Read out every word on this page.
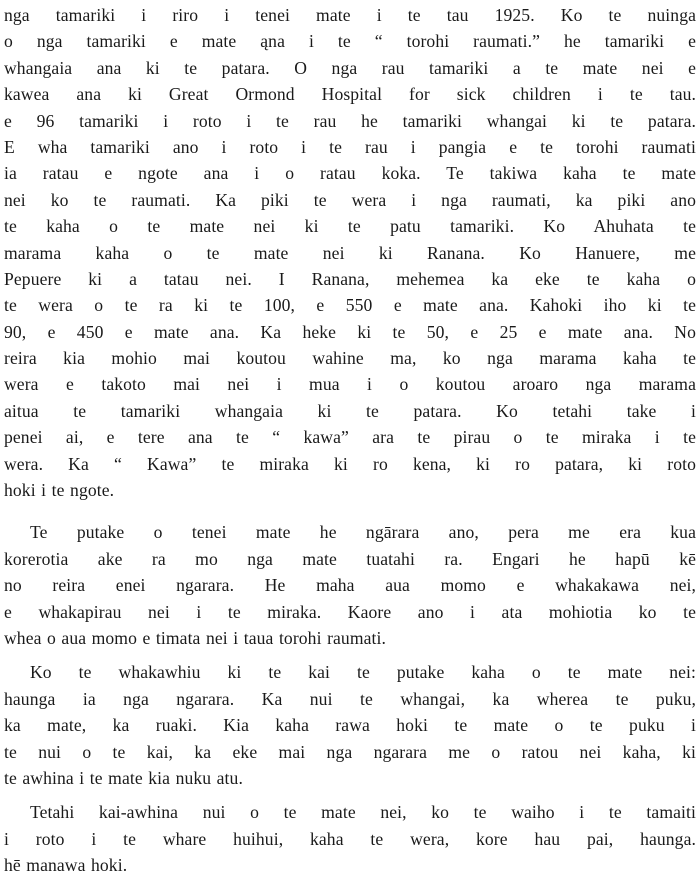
nga tamariki i riro i tenei mate i te tau 1925. Ko te nuinga
o nga tamariki e mate ąna i te “ torohi raumati.” he tamariki e
whangaia ana ki te patara. O nga rau tamariki a te mate nei e
kawea ana ki Great Ormond Hospital for sick children i te tau.
e 96 tamariki i roto i te rau he tamariki whangai ki te patara.
E wha tamariki ano i roto i te rau i pangia e te torohi raumati
ia ratau e ngote ana i o ratau koka. Te takiwa kaha te mate
nei ko te raumati. Ka piki te wera i nga raumati, ka piki ano
te kaha o te mate nei ki te patu tamariki. Ko Ahuhata te
marama kaha o te mate nei ki Ranana. Ko Hanuere, me
Pepuere ki a tatau nei. I Ranana, mehemea ka eke te kaha o
te wera o te ra ki te 100, e 550 e mate ana. Kahoki iho ki te
90, e 450 e mate ana. Ka heke ki te 50, e 25 e mate ana. No
reira kia mohio mai koutou wahine ma, ko nga marama kaha te
wera e takoto mai nei i mua i o koutou aroaro nga marama
aitua te tamariki whangaia ki te patara. Ko tetahi take i
penei ai, e tere ana te “ kawa” ara te pirau o te miraka i te
wera. Ka “ Kawa” te miraka ki ro kena, ki ro patara, ki roto
hoki i te ngote.
Te putake o tenei mate he ngārara ano, pera me era kua
korerotia ake ra mo nga mate tuatahi ra. Engari he hapū kē
no reira enei ngarara. He maha aua momo e whakakawa nei,
e whakapirau nei i te miraka. Kaore ano i ata mohiotia ko te
whea o aua momo e timata nei i taua torohi raumati.
Ko te whakawhiu ki te kai te putake kaha o te mate nei:
haunga ia nga ngarara. Ka nui te whangai, ka wherea te puku,
ka mate, ka ruaki. Kia kaha rawa hoki te mate o te puku i
te nui o te kai, ka eke mai nga ngarara me o ratou nei kaha, ki
te awhina i te mate kia nuku atu.
Tetahi kai-awhina nui o te mate nei, ko te waiho i te tamaiti
i roto i te whare huihui, kaha te wera, kore hau pai, haunga.
hē manawa hoki.
